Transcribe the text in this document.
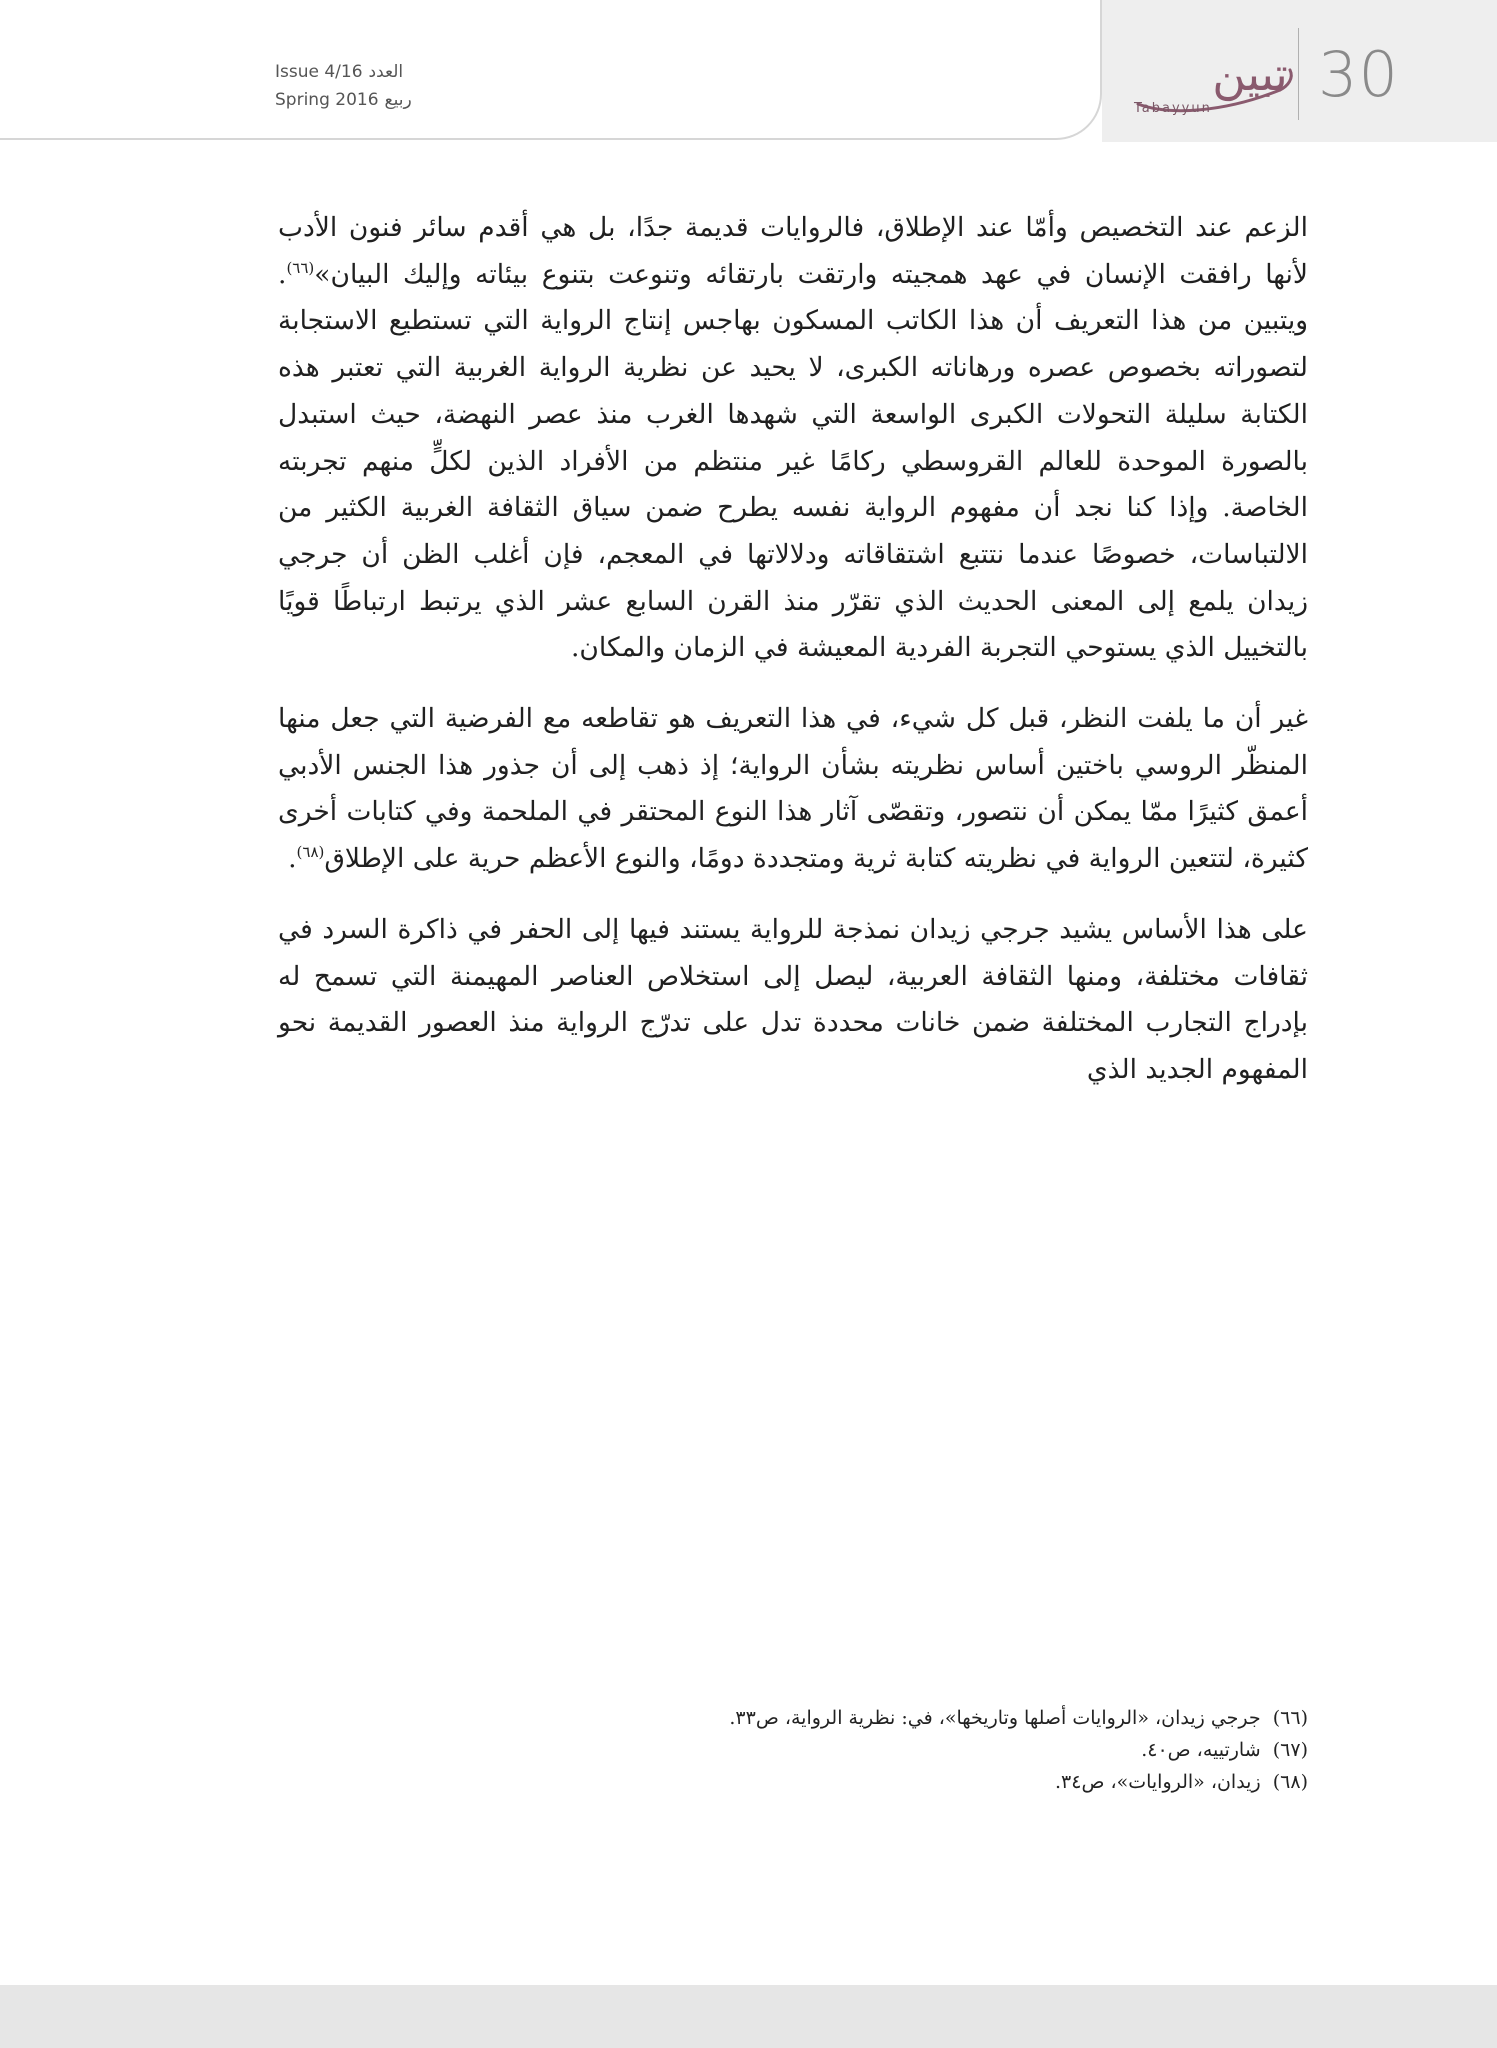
Issue 4/16 العدد
Spring 2016 ربيع	تبين
Tabayyun 30

الزعم عند التخصيص وأمّا عند الإطلاق، فالروايات قديمة جدًا، بل هي أقدم سائر فنون الأدب لأنها رافقت الإنسان في عهد همجيته وارتقت بارتقائه وتنوعت بتنوع بيئاته وإليك البيان»$^{(٦٦)}$. ويتبين من هذا التعريف أن هذا الكاتب المسكون بهاجس إنتاج الرواية التي تستطيع الاستجابة لتصوراته بخصوص عصره ورهاناته الكبرى، لا يحيد عن نظرية الرواية الغربية التي تعتبر هذه الكتابة سليلة التحولات الكبرى الواسعة التي شهدها الغرب منذ عصر النهضة، حيث استبدل بالصورة الموحدة للعالم القروسطي ركامًا غير منتظم من الأفراد الذين لكلٍّ منهم تجربته الخاصة. وإذا كنا نجد أن مفهوم الرواية نفسه يطرح ضمن سياق الثقافة الغربية الكثير من الالتباسات، خصوصًا عندما نتتبع اشتقاقاته ودلالاتها في المعجم، فإن أغلب الظن أن جرجي زيدان يلمع إلى المعنى الحديث الذي تقرّر منذ القرن السابع عشر الذي يرتبط ارتباطًا قويًا بالتخييل الذي يستوحي التجربة الفردية المعيشة في الزمان والمكان.

غير أن ما يلفت النظر، قبل كل شيء، في هذا التعريف هو تقاطعه مع الفرضية التي جعل منها المنظّر الروسي باختين أساس نظريته بشأن الرواية؛ إذ ذهب إلى أن جذور هذا الجنس الأدبي أعمق كثيرًا ممّا يمكن أن نتصور، وتقصّى آثار هذا النوع المحتقر في الملحمة وفي كتابات أخرى كثيرة، لتتعين الرواية في نظريته كتابة ثرية ومتجددة دومًا، والنوع الأعظم حرية على الإطلاق$^{(٦٨)}$.

على هذا الأساس يشيد جرجي زيدان نمذجة للرواية يستند فيها إلى الحفر في ذاكرة السرد في ثقافات مختلفة، ومنها الثقافة العربية، ليصل إلى استخلاص العناصر المهيمنة التي تسمح له بإدراج التجارب المختلفة ضمن خانات محددة تدل على تدرّج الرواية منذ العصور القديمة نحو المفهوم الجديد الذي

(٦٦)  جرجي زيدان، «الروايات أصلها وتاريخها»، في: نظرية الرواية، ص٣٣.
(٦٧)  شارتييه، ص٤٠.
(٦٨)  زيدان، «الروايات»، ص٣٤.
